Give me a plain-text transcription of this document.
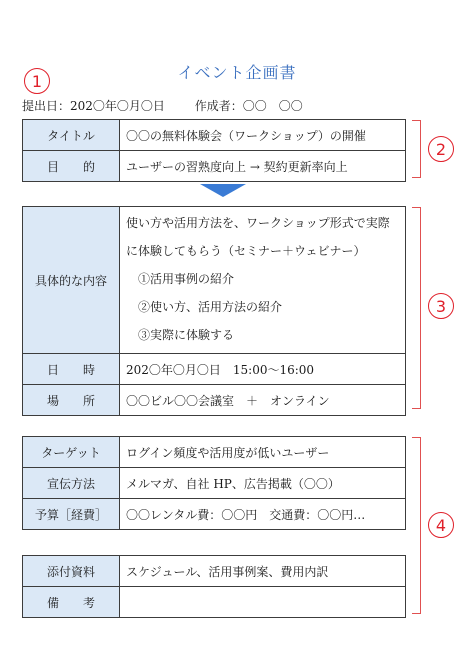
イベント企画書
1
提出日：202〇年〇月〇日 作成者：〇〇　〇〇
タイトル	〇〇の無料体験会（ワークショップ）の開催
目　　的	ユーザーの習熟度向上 → 契約更新率向上
2
具体的な内容	使い方や活用方法を、ワークショップ形式で実際
に体験してもらう（セミナー＋ウェビナー）
　①活用事例の紹介
　②使い方、活用方法の紹介
　③実際に体験する

日　　時	202〇年〇月〇日　15:00〜16:00
場　　所	〇〇ビル〇〇会議室　＋　オンライン
3
ターゲット	ログイン頻度や活用度が低いユーザー
宣伝方法	メルマガ、自社 HP、広告掲載（〇〇）
予算［経費］	〇〇レンタル費：〇〇円　交通費：〇〇円…
添付資料	スケジュール、活用事例案、費用内訳
備　　考	
4
